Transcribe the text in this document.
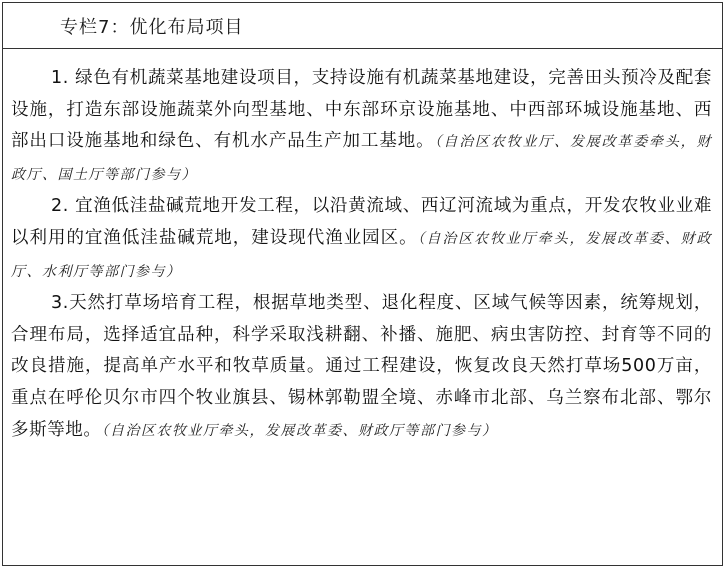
专栏7：优化布局项目

1. 绿色有机蔬菜基地建设项目，支持设施有机蔬菜基地建设，完善田头预冷及配套设施，打造东部设施蔬菜外向型基地、中东部环京设施基地、中西部环城设施基地、西部出口设施基地和绿色、有机水产品生产加工基地。（自治区农牧业厅、发展改革委牵头，财政厅、国土厅等部门参与）

2. 宜渔低洼盐碱荒地开发工程，以沿黄流域、西辽河流域为重点，开发农牧业业难以利用的宜渔低洼盐碱荒地，建设现代渔业园区。（自治区农牧业厅牵头，发展改革委、财政厅、水利厅等部门参与）

3.天然打草场培育工程，根据草地类型、退化程度、区域气候等因素，统筹规划，合理布局，选择适宜品种，科学采取浅耕翻、补播、施肥、病虫害防控、封育等不同的改良措施，提高单产水平和牧草质量。通过工程建设，恢复改良天然打草场500万亩，重点在呼伦贝尔市四个牧业旗县、锡林郭勒盟全境、赤峰市北部、乌兰察布北部、鄂尔多斯等地。（自治区农牧业厅牵头，发展改革委、财政厅等部门参与）
